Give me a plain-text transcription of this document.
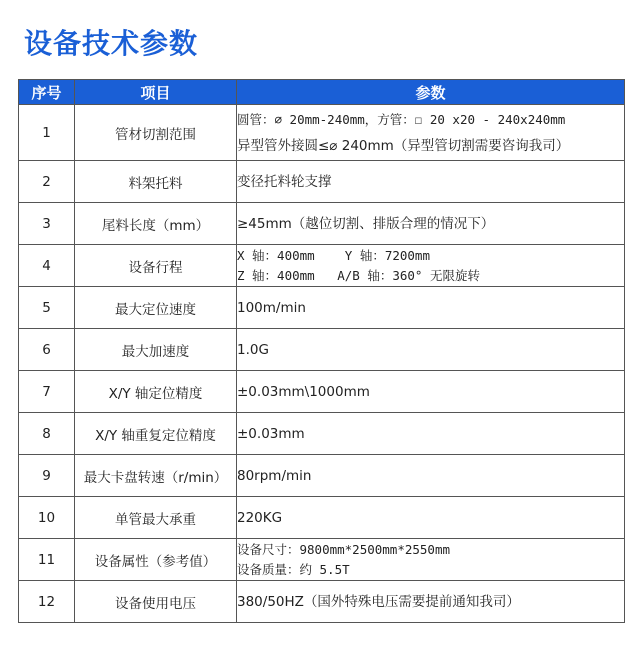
设备技术参数
序号	项目	参数
1	管材切割范围	圆管：⌀ 20mm-240mm，方管：☐ 20 x20 - 240x240mm
异型管外接圆≤⌀ 240mm（异型管切割需要咨询我司）

2	料架托料	变径托料轮支撑

3	尾料长度（mm）	≥45mm（越位切割、排版合理的情况下）

4	设备行程	X 轴：400mm    Y 轴：7200mm
Z 轴：400mm   A/B 轴：360° 无限旋转

5	最大定位速度	100m/min

6	最大加速度	1.0G

7	X/Y 轴定位精度	±0.03mm\1000mm

8	X/Y 轴重复定位精度	±0.03mm

9	最大卡盘转速（r/min）	80rpm/min

10	单管最大承重	220KG

11	设备属性（参考值）	设备尺寸：9800mm*2500mm*2550mm
设备质量：约 5.5T

12	设备使用电压	380/50HZ（国外特殊电压需要提前通知我司）
